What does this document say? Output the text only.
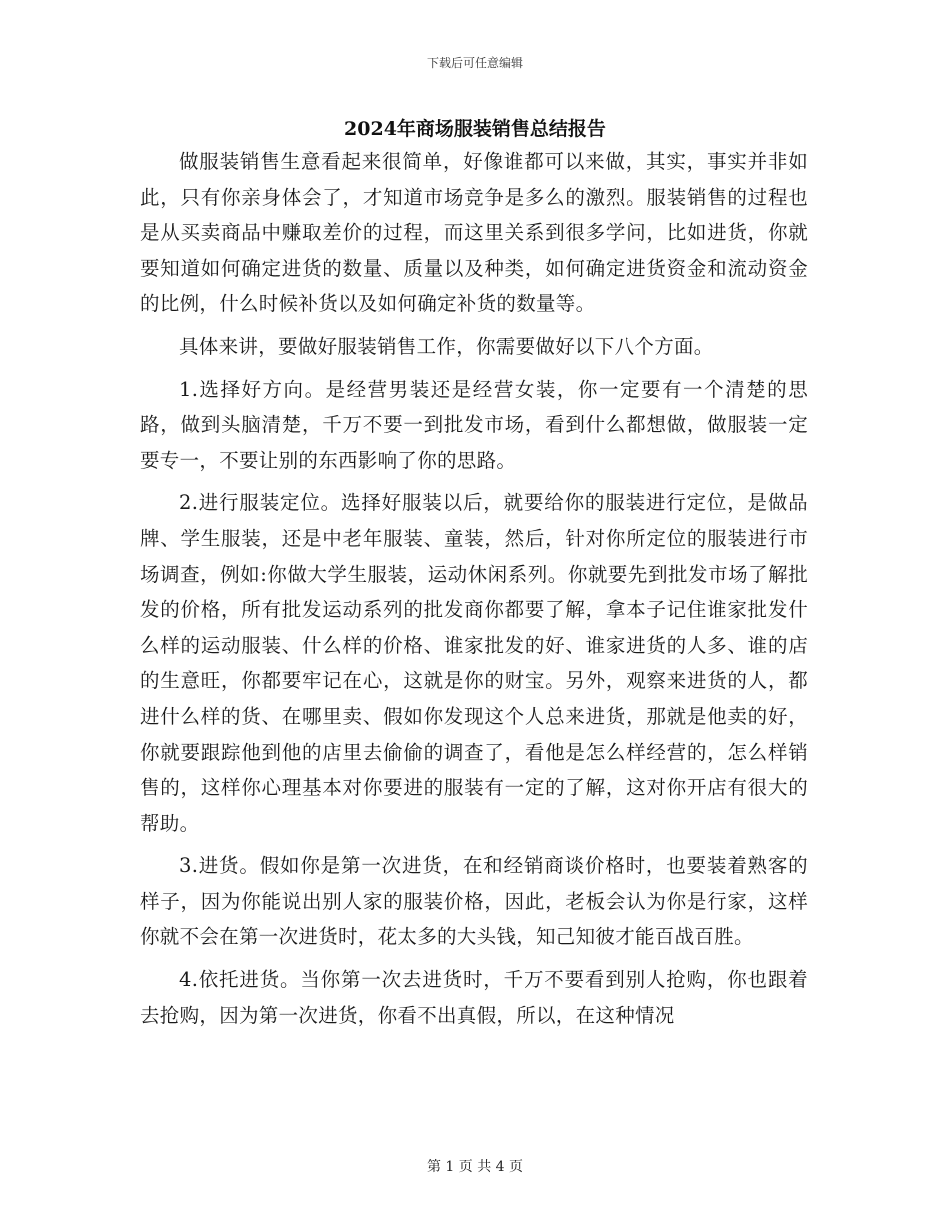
下载后可任意编辑
2024年商场服装销售总结报告

做服装销售生意看起来很简单，好像谁都可以来做，其实，事实并非如此，只有你亲身体会了，才知道市场竞争是多么的激烈。服装销售的过程也是从买卖商品中赚取差价的过程，而这里关系到很多学问，比如进货，你就要知道如何确定进货的数量、质量以及种类，如何确定进货资金和流动资金的比例，什么时候补货以及如何确定补货的数量等。

具体来讲，要做好服装销售工作，你需要做好以下八个方面。

1.选择好方向。是经营男装还是经营女装，你一定要有一个清楚的思路，做到头脑清楚，千万不要一到批发市场，看到什么都想做，做服装一定要专一，不要让别的东西影响了你的思路。

2.进行服装定位。选择好服装以后，就要给你的服装进行定位，是做品牌、学生服装，还是中老年服装、童装，然后，针对你所定位的服装进行市场调查，例如:你做大学生服装，运动休闲系列。你就要先到批发市场了解批发的价格，所有批发运动系列的批发商你都要了解，拿本子记住谁家批发什么样的运动服装、什么样的价格、谁家批发的好、谁家进货的人多、谁的店的生意旺，你都要牢记在心，这就是你的财宝。另外，观察来进货的人，都进什么样的货、在哪里卖、假如你发现这个人总来进货，那就是他卖的好，你就要跟踪他到他的店里去偷偷的调查了，看他是怎么样经营的，怎么样销售的，这样你心理基本对你要进的服装有一定的了解，这对你开店有很大的帮助。

3.进货。假如你是第一次进货，在和经销商谈价格时，也要装着熟客的样子，因为你能说出别人家的服装价格，因此，老板会认为你是行家，这样你就不会在第一次进货时，花太多的大头钱，知己知彼才能百战百胜。

4.依托进货。当你第一次去进货时，千万不要看到别人抢购，你也跟着去抢购，因为第一次进货，你看不出真假，所以，在这种情况

第 1 页 共 4 页
